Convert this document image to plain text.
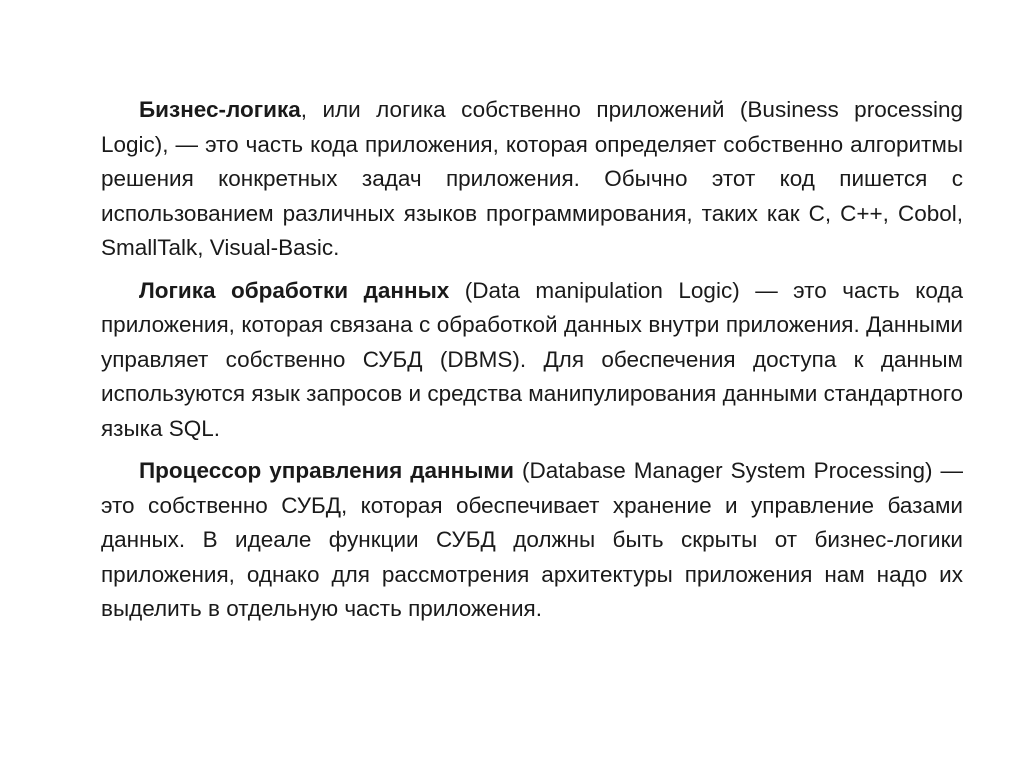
Бизнес-логика, или логика собственно приложений (Business processing Logic), — это часть кода приложения, которая определяет собственно алгоритмы решения конкретных задач приложения. Обычно этот код пишется с использованием различных языков программирования, таких как C, C++, Cobol, SmallTalk, Visual-Basic.

Логика обработки данных (Data manipulation Logic) — это часть кода приложения, которая связана с обработкой данных внутри приложения. Данными управляет собственно СУБД (DBMS). Для обеспечения доступа к данным используются язык запросов и средства манипулирования данными стандартного языка SQL.

Процессор управления данными (Database Manager System Processing) — это собственно СУБД, которая обеспечивает хранение и управление базами данных. В идеале функции СУБД должны быть скрыты от бизнес-логики приложения, однако для рассмотрения архитектуры приложения нам надо их выделить в отдельную часть приложения.
